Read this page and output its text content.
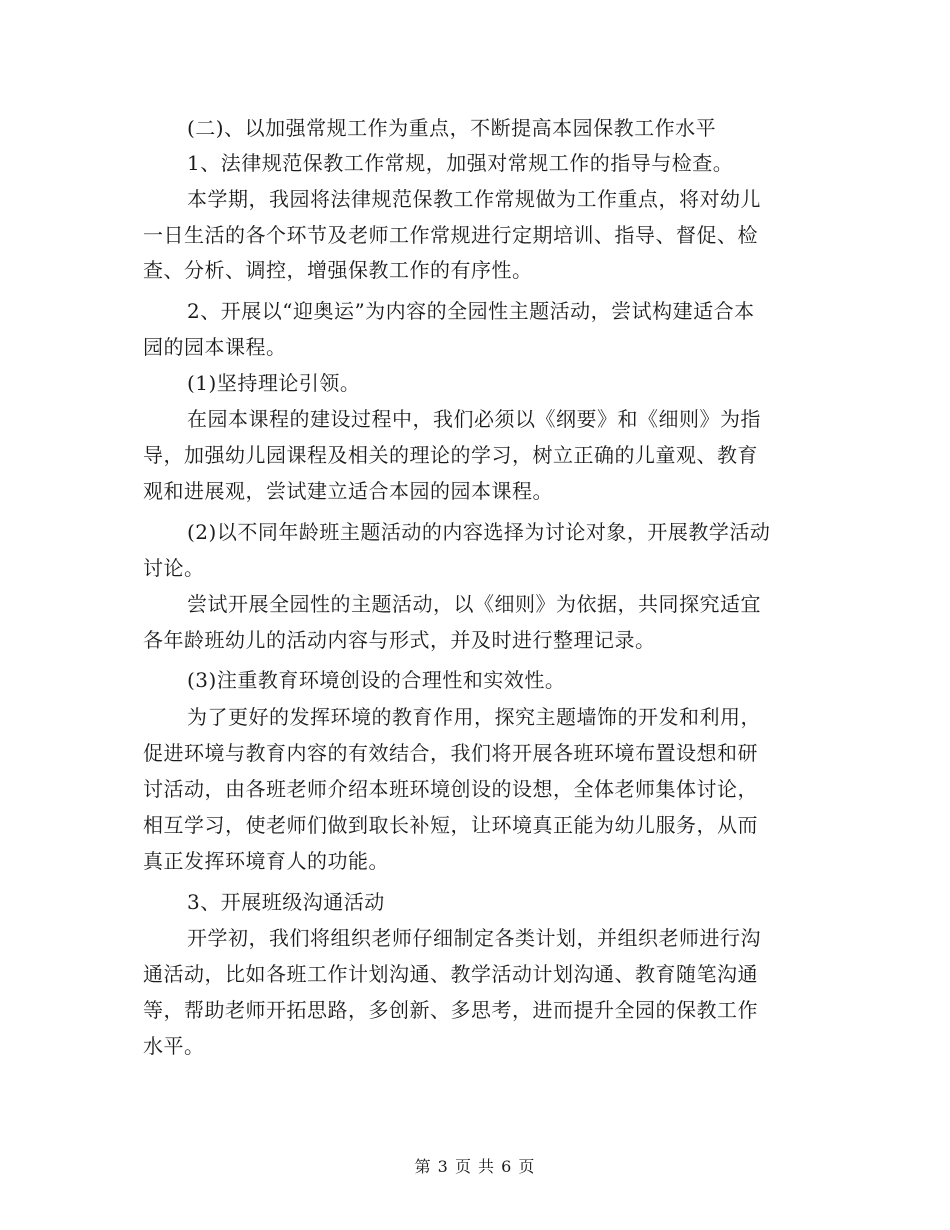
(二)、以加强常规工作为重点，不断提高本园保教工作水平
1、法律规范保教工作常规，加强对常规工作的指导与检查。
本学期，我园将法律规范保教工作常规做为工作重点，将对幼儿
一日生活的各个环节及老师工作常规进行定期培训、指导、督促、检
查、分析、调控，增强保教工作的有序性。
2、开展以“迎奥运”为内容的全园性主题活动，尝试构建适合本
园的园本课程。
(1)坚持理论引领。
在园本课程的建设过程中，我们必须以《纲要》和《细则》为指
导，加强幼儿园课程及相关的理论的学习，树立正确的儿童观、教育
观和进展观，尝试建立适合本园的园本课程。
(2)以不同年龄班主题活动的内容选择为讨论对象，开展教学活动
讨论。
尝试开展全园性的主题活动，以《细则》为依据，共同探究适宜
各年龄班幼儿的活动内容与形式，并及时进行整理记录。
(3)注重教育环境创设的合理性和实效性。
为了更好的发挥环境的教育作用，探究主题墙饰的开发和利用，
促进环境与教育内容的有效结合，我们将开展各班环境布置设想和研
讨活动，由各班老师介绍本班环境创设的设想，全体老师集体讨论，
相互学习，使老师们做到取长补短，让环境真正能为幼儿服务，从而
真正发挥环境育人的功能。
3、开展班级沟通活动
开学初，我们将组织老师仔细制定各类计划，并组织老师进行沟
通活动，比如各班工作计划沟通、教学活动计划沟通、教育随笔沟通
等，帮助老师开拓思路，多创新、多思考，进而提升全园的保教工作
水平。
第 3 页 共 6 页
